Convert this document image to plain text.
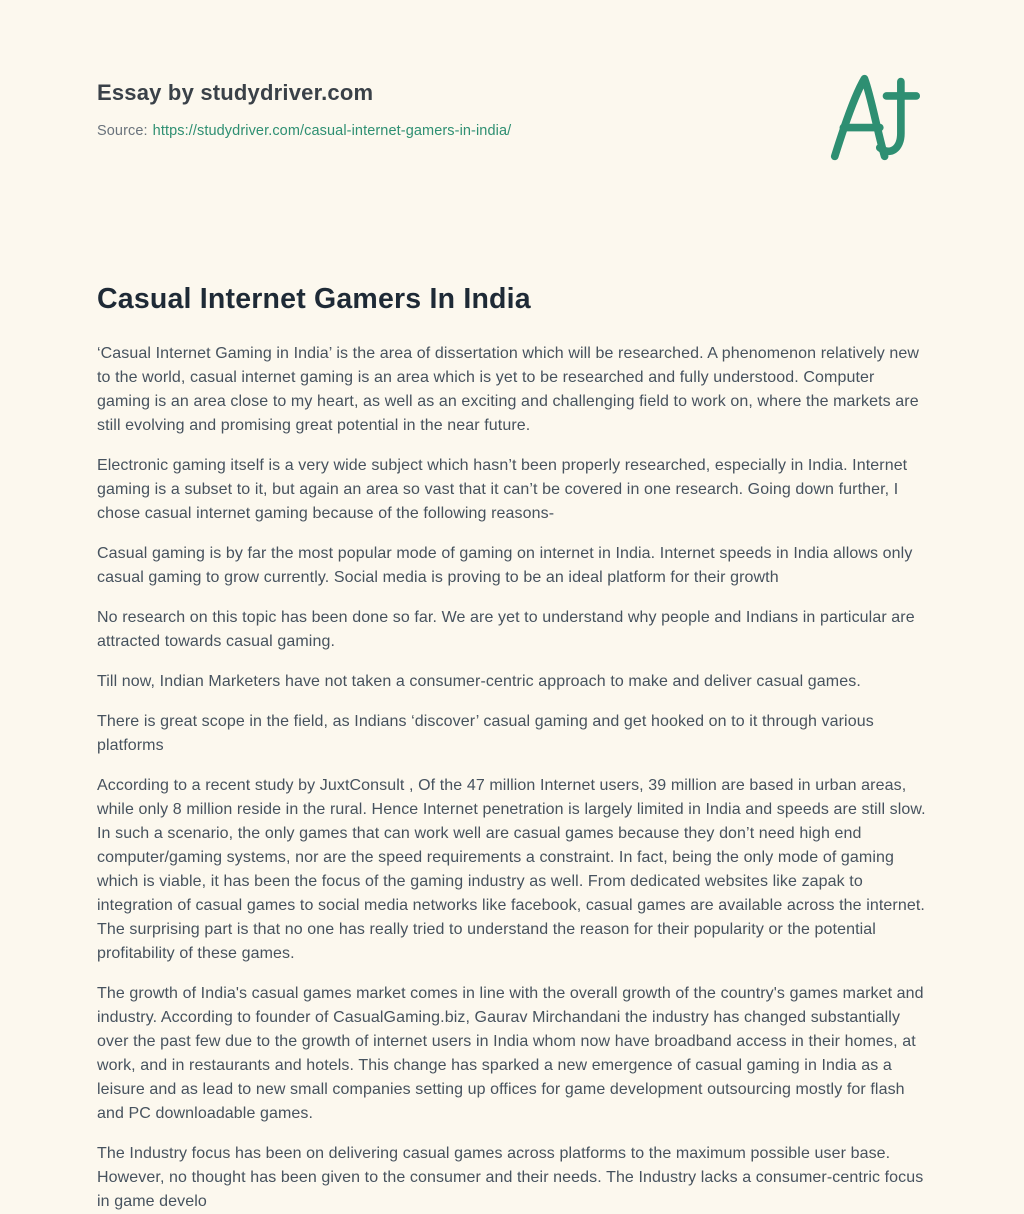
Essay by studydriver.com
Source: https://studydriver.com/casual-internet-gamers-in-india/
Casual Internet Gamers In India

‘Casual Internet Gaming in India’ is the area of dissertation which will be researched. A phenomenon relatively new to the world, casual internet gaming is an area which is yet to be researched and fully understood. Computer gaming is an area close to my heart, as well as an exciting and challenging field to work on, where the markets are still evolving and promising great potential in the near future.

Electronic gaming itself is a very wide subject which hasn’t been properly researched, especially in India. Internet gaming is a subset to it, but again an area so vast that it can’t be covered in one research. Going down further, I chose casual internet gaming because of the following reasons-

Casual gaming is by far the most popular mode of gaming on internet in India. Internet speeds in India allows only casual gaming to grow currently. Social media is proving to be an ideal platform for their growth

No research on this topic has been done so far. We are yet to understand why people and Indians in particular are attracted towards casual gaming.

Till now, Indian Marketers have not taken a consumer-centric approach to make and deliver casual games.

There is great scope in the field, as Indians ‘discover’ casual gaming and get hooked on to it through various platforms

According to a recent study by JuxtConsult , Of the 47 million Internet users, 39 million are based in urban areas, while only 8 million reside in the rural. Hence Internet penetration is largely limited in India and speeds are still slow. In such a scenario, the only games that can work well are casual games because they don’t need high end computer/gaming systems, nor are the speed requirements a constraint. In fact, being the only mode of gaming which is viable, it has been the focus of the gaming industry as well. From dedicated websites like zapak to integration of casual games to social media networks like facebook, casual games are available across the internet. The surprising part is that no one has really tried to understand the reason for their popularity or the potential profitability of these games.

The growth of India's casual games market comes in line with the overall growth of the country's games market and industry. According to founder of CasualGaming.biz, Gaurav Mirchandani the industry has changed substantially over the past few due to the growth of internet users in India whom now have broadband access in their homes, at work, and in restaurants and hotels. This change has sparked a new emergence of casual gaming in India as a leisure and as lead to new small companies setting up offices for game development outsourcing mostly for flash and PC downloadable games.

The Industry focus has been on delivering casual games across platforms to the maximum possible user base. However, no thought has been given to the consumer and their needs. The Industry lacks a consumer-centric focus in game develo
